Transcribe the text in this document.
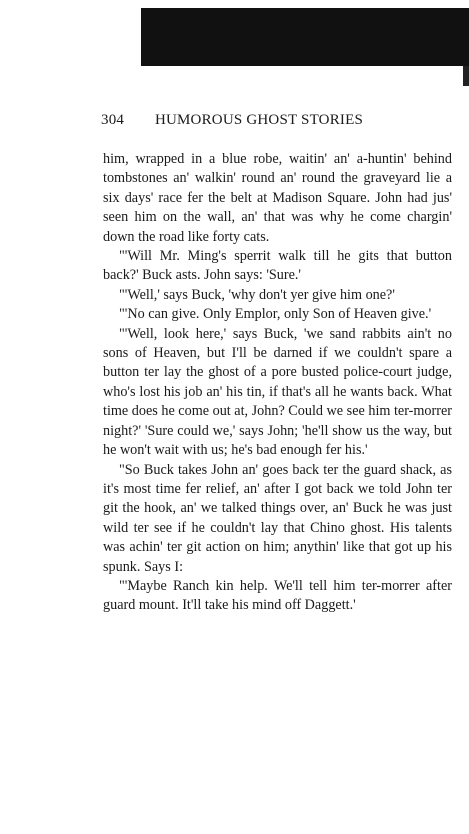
304 HUMOROUS GHOST STORIES

him, wrapped in a blue robe, waitin' an' a-huntin' behind tombstones an' walkin' round an' round the graveyard lie a six days' race fer the belt at Madison Square. John had jus' seen him on the wall, an' that was why he come chargin' down the road like forty cats.

"'Will Mr. Ming's sperrit walk till he gits that button back?' Buck asts. John says: 'Sure.'

"'Well,' says Buck, 'why don't yer give him one?'

"'No can give. Only Emplor, only Son of Heaven give.'

"'Well, look here,' says Buck, 'we sand rabbits ain't no sons of Heaven, but I'll be darned if we couldn't spare a button ter lay the ghost of a pore busted police-court judge, who's lost his job an' his tin, if that's all he wants back. What time does he come out at, John? Could we see him ter-morrer night?' 'Sure could we,' says John; 'he'll show us the way, but he won't wait with us; he's bad enough fer his.'

"So Buck takes John an' goes back ter the guard shack, as it's most time fer relief, an' after I got back we told John ter git the hook, an' we talked things over, an' Buck he was just wild ter see if he couldn't lay that Chino ghost. His talents was achin' ter git action on him; anythin' like that got up his spunk. Says I:

"'Maybe Ranch kin help. We'll tell him ter-morrer after guard mount. It'll take his mind off Daggett.'
